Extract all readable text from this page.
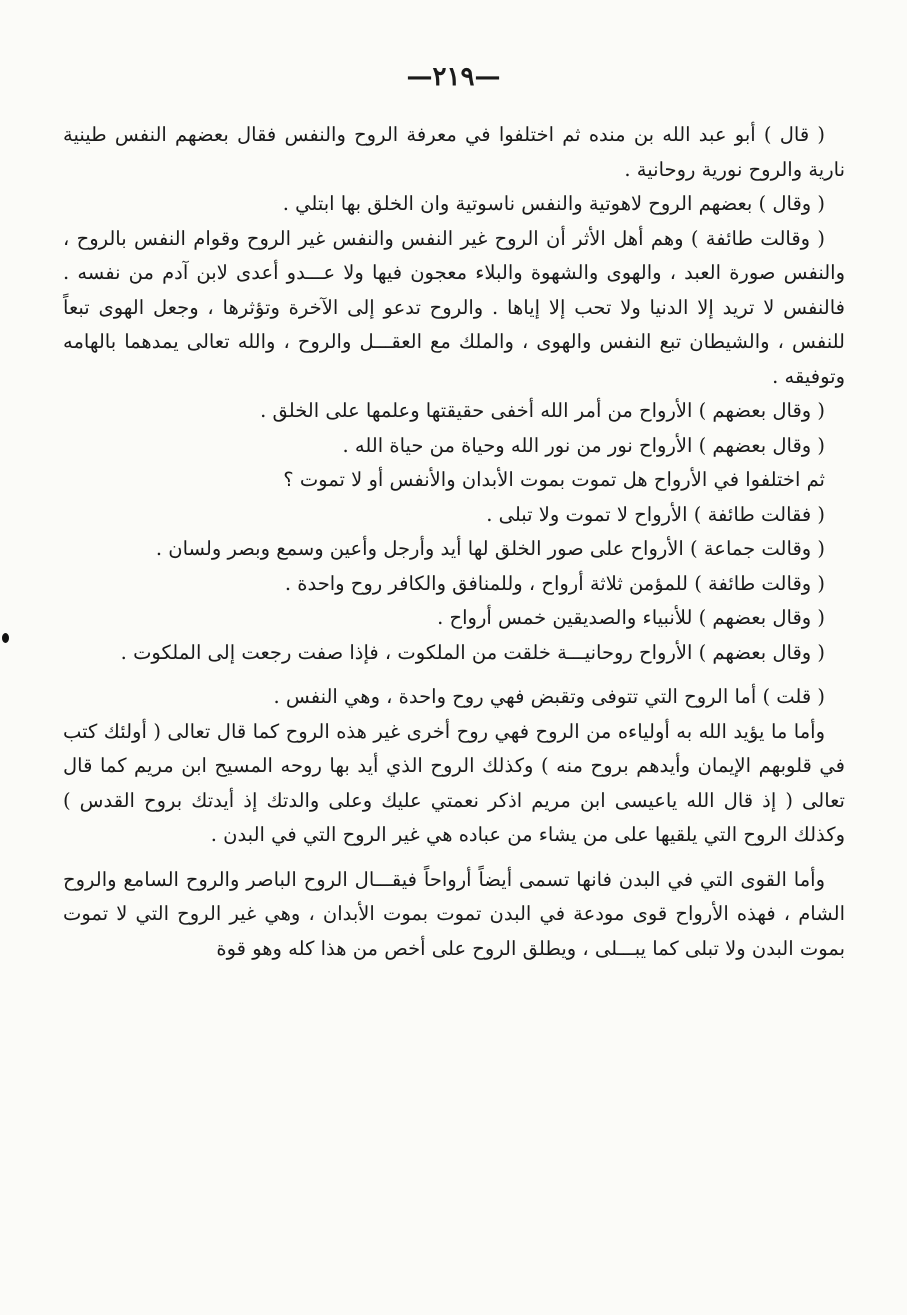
—٢١٩—

( قال ) أبو عبد الله بن منده ثم اختلفوا في معرفة الروح والنفس فقال بعضهم النفس طينية نارية والروح نورية روحانية .

( وقال ) بعضهم الروح لاهوتية والنفس ناسوتية وان الخلق بها ابتلي .

( وقالت طائفة ) وهم أهل الأثر أن الروح غير النفس والنفس غير الروح وقوام النفس بالروح ، والنفس صورة العبد ، والهوى والشهوة والبلاء معجون فيها ولا عـــدو أعدى لابن آدم من نفسه . فالنفس لا تريد إلا الدنيا ولا تحب إلا إياها . والروح تدعو إلى الآخرة وتؤثرها ، وجعل الهوى تبعاً للنفس ، والشيطان تبع النفس والهوى ، والملك مع العقـــل والروح ، والله تعالى يمدهما بالهامه وتوفيقه .

( وقال بعضهم ) الأرواح من أمر الله أخفى حقيقتها وعلمها على الخلق .

( وقال بعضهم ) الأرواح نور من نور الله وحياة من حياة الله .

ثم اختلفوا في الأرواح هل تموت بموت الأبدان والأنفس أو لا تموت ؟

( فقالت طائفة ) الأرواح لا تموت ولا تبلى .

( وقالت جماعة ) الأرواح على صور الخلق لها أيد وأرجل وأعين وسمع وبصر ولسان .

( وقالت طائفة ) للمؤمن ثلاثة أرواح ، وللمنافق والكافر روح واحدة .

( وقال بعضهم ) للأنبياء والصديقين خمس أرواح .

( وقال بعضهم ) الأرواح روحانيـــة خلقت من الملكوت ، فإذا صفت رجعت إلى الملكوت .

( قلت ) أما الروح التي تتوفى وتقبض فهي روح واحدة ، وهي النفس .

وأما ما يؤيد الله به أولياءه من الروح فهي روح أخرى غير هذه الروح كما قال تعالى ( أولئك كتب في قلوبهم الإيمان وأيدهم بروح منه ) وكذلك الروح الذي أيد بها روحه المسيح ابن مريم كما قال تعالى ( إذ قال الله ياعيسى ابن مريم اذكر نعمتي عليك وعلى والدتك إذ أيدتك بروح القدس ) وكذلك الروح التي يلقيها على من يشاء من عباده هي غير الروح التي في البدن .

وأما القوى التي في البدن فانها تسمى أيضاً أرواحاً فيقـــال الروح الباصر والروح السامع والروح الشام ، فهذه الأرواح قوى مودعة في البدن تموت بموت الأبدان ، وهي غير الروح التي لا تموت بموت البدن ولا تبلى كما يبـــلى ، ويطلق الروح على أخص من هذا كله وهو قوة
